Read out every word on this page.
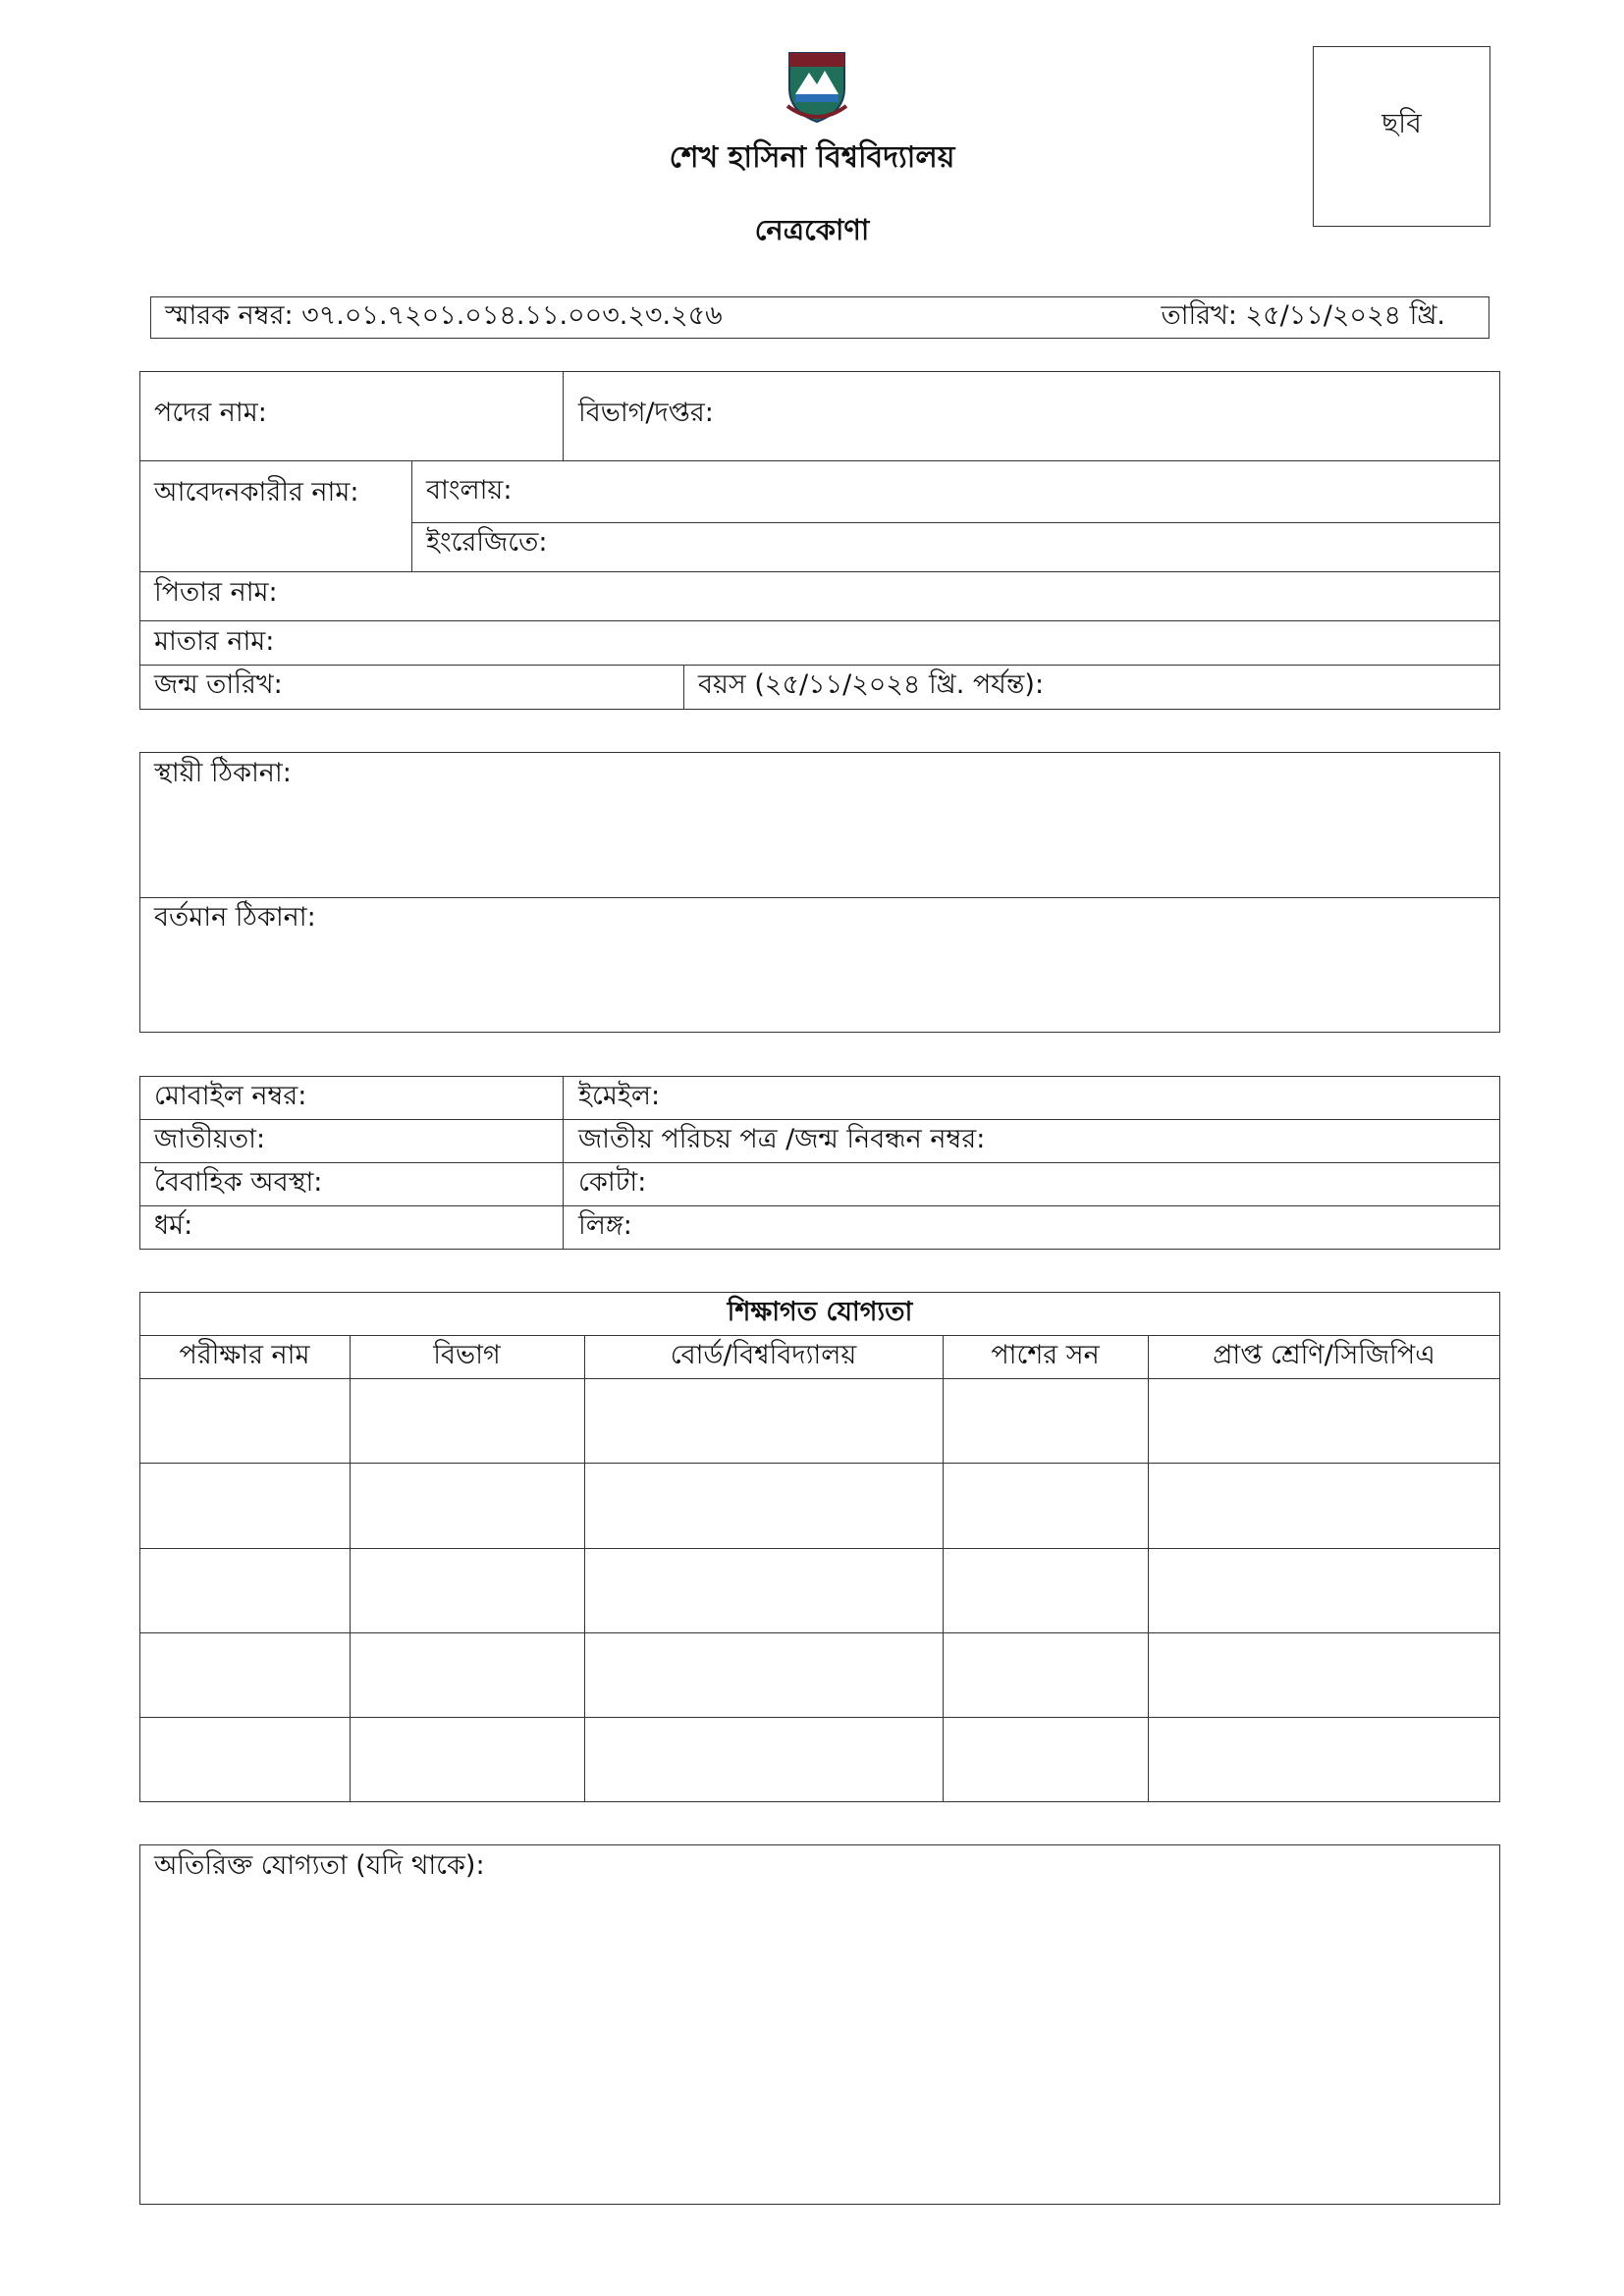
শেখ হাসিনা বিশ্ববিদ্যালয়
নেত্রকোণা
ছবি
স্মারক নম্বর: ৩৭.০১.৭২০১.০১৪.১১.০০৩.২৩.২৫৬	তারিখ: ২৫/১১/২০২৪ খ্রি.
পদের নাম:	বিভাগ/দপ্তর:
আবেদনকারীর নাম:	বাংলায়:
ইংরেজিতে:
পিতার নাম:
মাতার নাম:
জন্ম তারিখ:	বয়স (২৫/১১/২০২৪ খ্রি. পর্যন্ত):
স্থায়ী ঠিকানা:
বর্তমান ঠিকানা:
মোবাইল নম্বর:	ইমেইল:
জাতীয়তা:	জাতীয় পরিচয় পত্র /জন্ম নিবন্ধন নম্বর:
বৈবাহিক অবস্থা:	কোটা:
ধর্ম:	লিঙ্গ:
শিক্ষাগত যোগ্যতা
পরীক্ষার নাম	বিভাগ	বোর্ড/বিশ্ববিদ্যালয়	পাশের সন	প্রাপ্ত শ্রেণি/সিজিপিএ
অতিরিক্ত যোগ্যতা (যদি থাকে):
